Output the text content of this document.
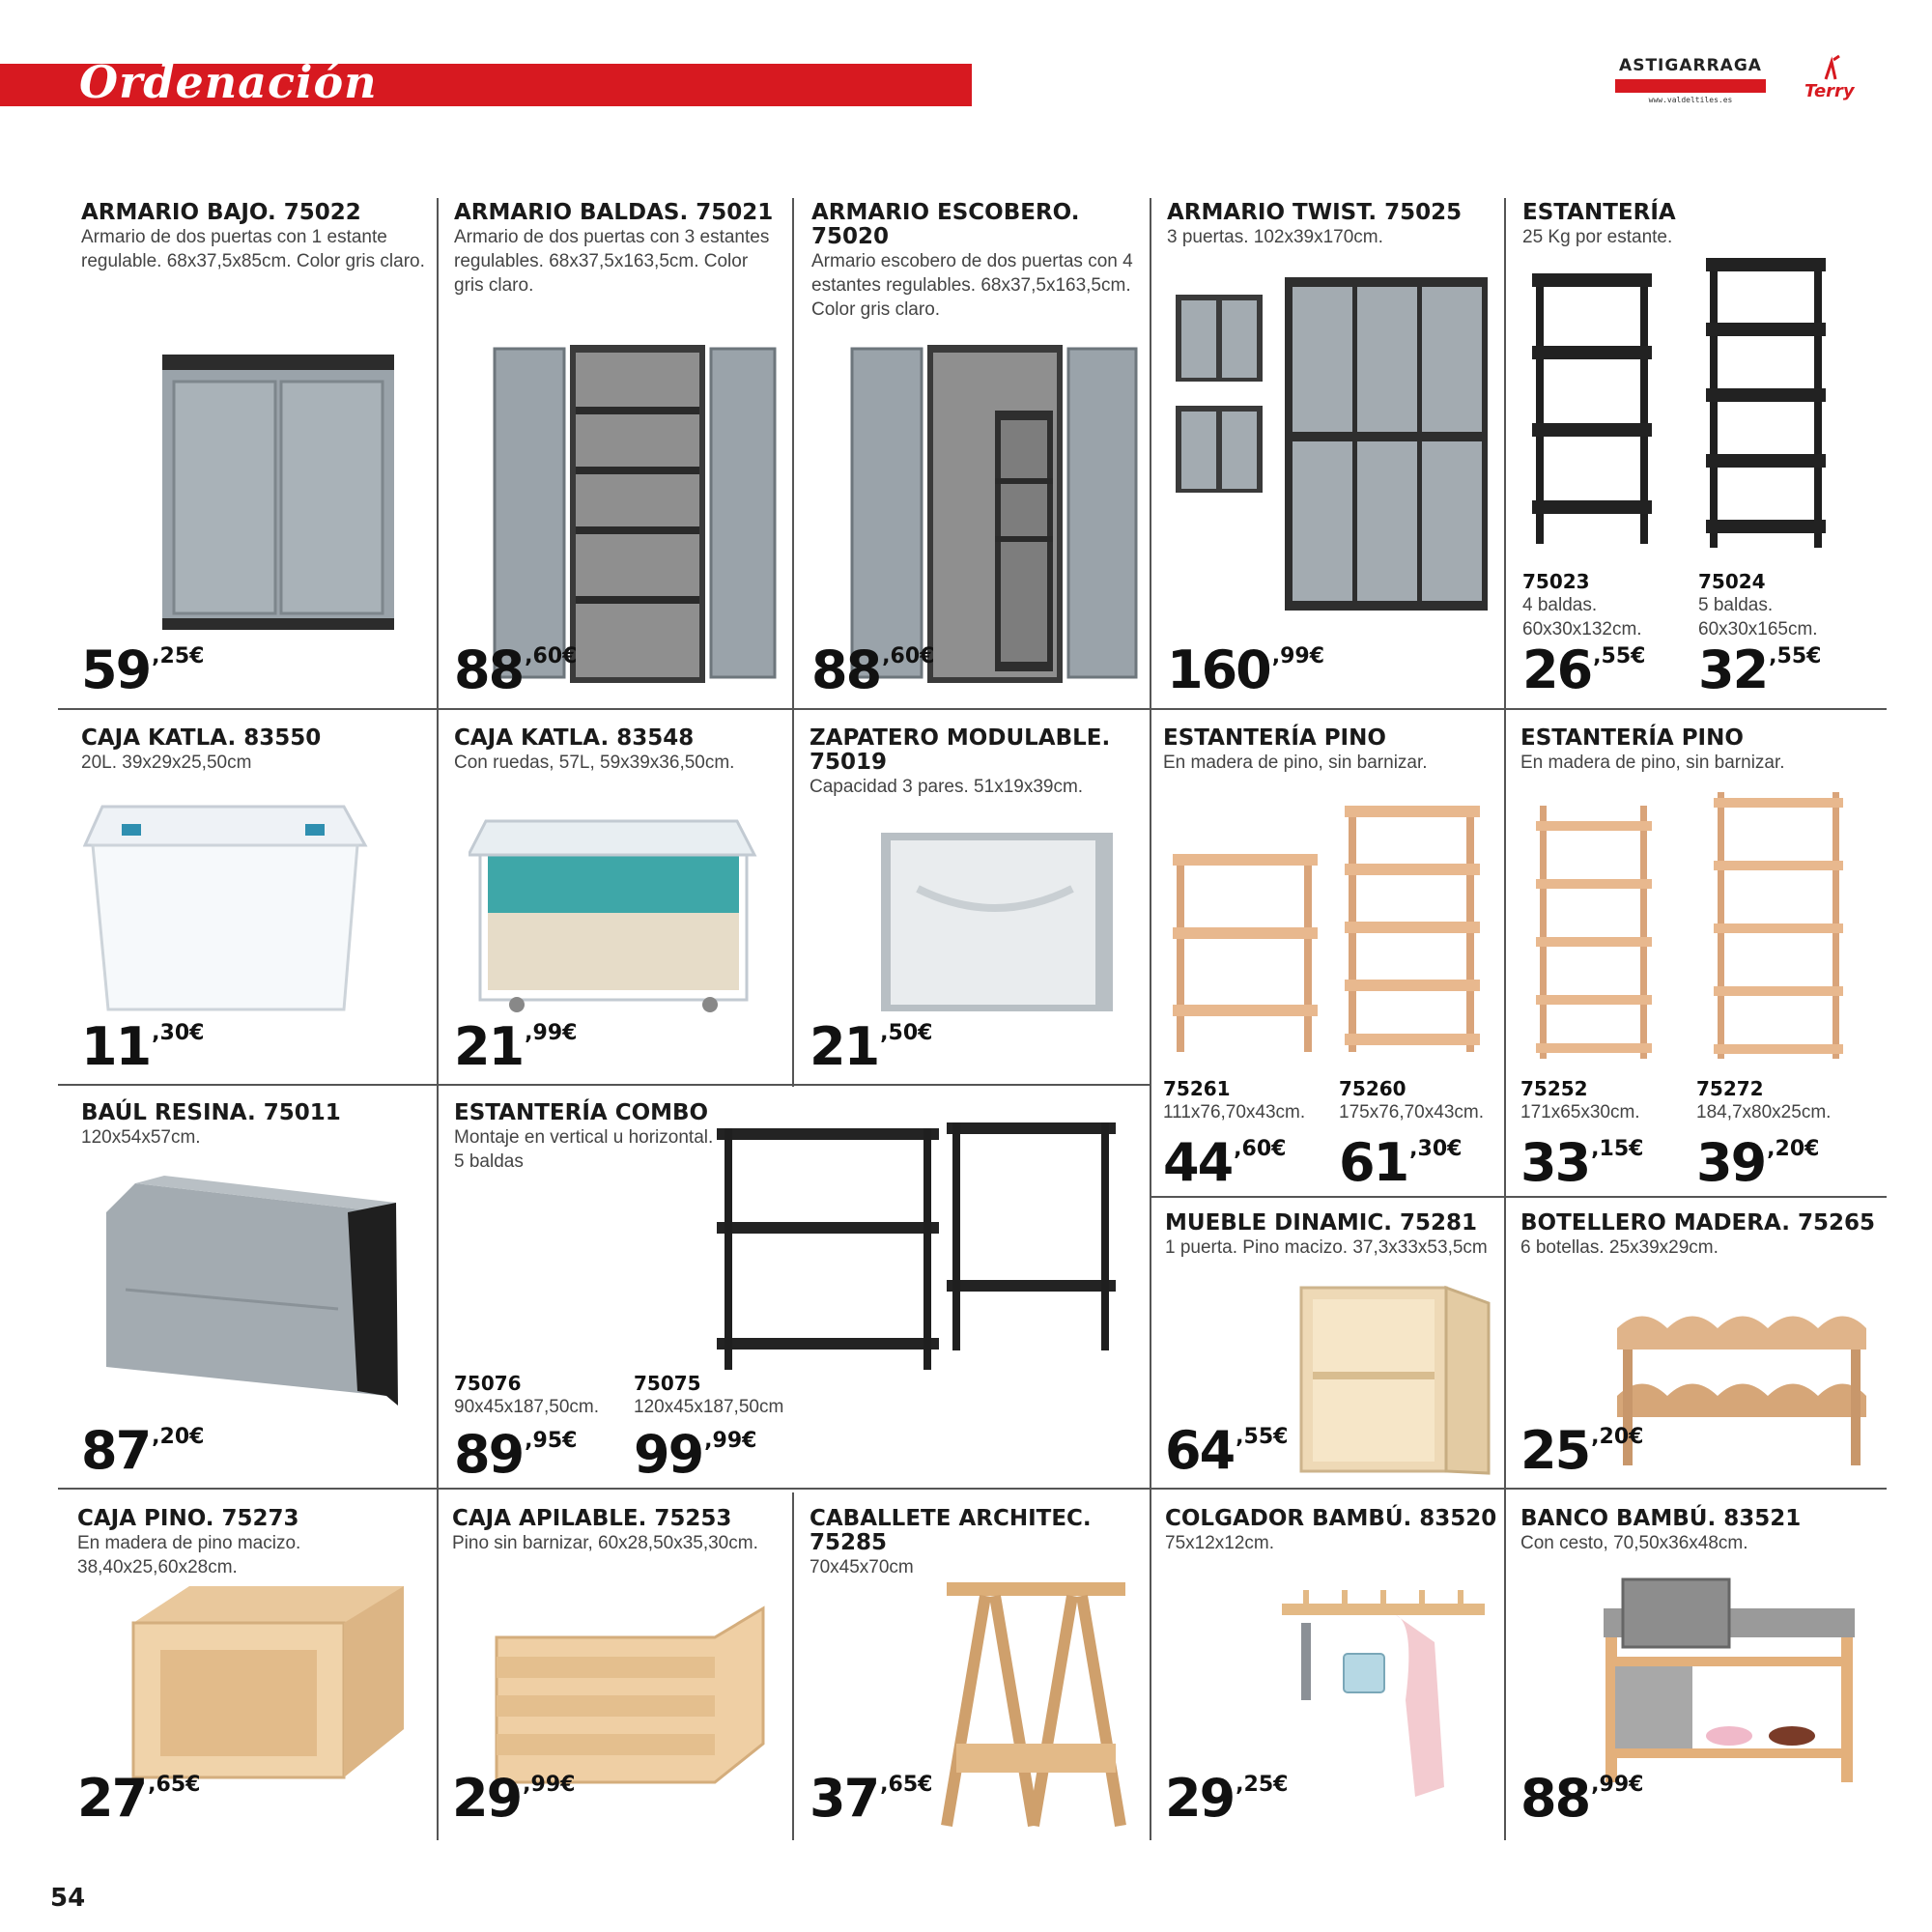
Ordenación	ASTIGARRAGA
www.valdeltiles.es	Terry
ARMARIO BAJO. 75022
Armario de dos puertas con 1 estante regulable. 68x37,5x85cm. Color gris claro.
59,25€
ARMARIO BALDAS. 75021
Armario de dos puertas con 3 estantes regulables. 68x37,5x163,5cm. Color gris claro.
88,60€
ARMARIO ESCOBERO. 75020
Armario escobero de dos puertas con 4 estantes regulables. 68x37,5x163,5cm. Color gris claro.
88,60€
ARMARIO TWIST. 75025
3 puertas. 102x39x170cm.
160,99€
ESTANTERÍA
25 Kg por estante.
75023
4 baldas. 60x30x132cm.
75024
5 baldas. 60x30x165cm.
26,55€ 32,55€
CAJA KATLA. 83550
20L. 39x29x25,50cm
11,30€
CAJA KATLA. 83548
Con ruedas, 57L, 59x39x36,50cm.
21,99€
ZAPATERO MODULABLE. 75019
Capacidad 3 pares. 51x19x39cm.
21,50€
ESTANTERÍA PINO
En madera de pino, sin barnizar.
75261
111x76,70x43cm.
75260
175x76,70x43cm.
44,60€ 61,30€
ESTANTERÍA PINO
En madera de pino, sin barnizar.
75252
171x65x30cm.
75272
184,7x80x25cm.
33,15€ 39,20€
BAÚL RESINA. 75011
120x54x57cm.
87,20€
ESTANTERÍA COMBO
Montaje en vertical u horizontal. 5 baldas
75076
90x45x187,50cm.
75075
120x45x187,50cm
89,95€ 99,99€
MUEBLE DINAMIC. 75281
1 puerta. Pino macizo. 37,3x33x53,5cm
64,55€
BOTELLERO MADERA. 75265
6 botellas. 25x39x29cm.
25,20€
CAJA PINO. 75273
En madera de pino macizo. 38,40x25,60x28cm.
27,65€
CAJA APILABLE. 75253
Pino sin barnizar, 60x28,50x35,30cm.
29,99€
CABALLETE ARCHITEC. 75285
70x45x70cm
37,65€
COLGADOR BAMBÚ. 83520
75x12x12cm.
29,25€
BANCO BAMBÚ. 83521
Con cesto, 70,50x36x48cm.
88,99€
54
